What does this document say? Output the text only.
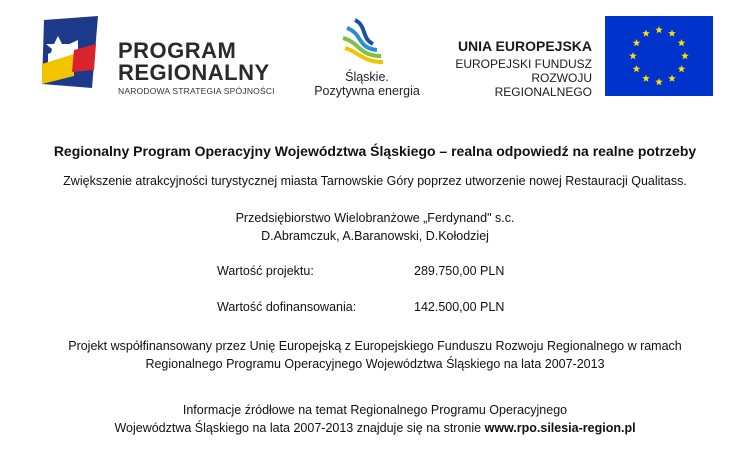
PROGRAM
REGIONALNY
NARODOWA STRATEGIA SPÓJNOŚCI
Śląskie.
Pozytywna energia
UNIA EUROPEJSKA
EUROPEJSKI FUNDUSZ
ROZWOJU REGIONALNEGO
Regionalny Program Operacyjny Województwa Śląskiego – realna odpowiedź na realne potrzeby
Zwiększenie atrakcyjności turystycznej miasta Tarnowskie Góry poprzez utworzenie nowej Restauracji Qualitass.
Przedsiębiorstwo Wielobranżowe „Ferdynand" s.c.
D.Abramczuk, A.Baranowski, D.Kołodziej
Wartość projektu:	289.750,00 PLN
Wartość dofinansowania:	142.500,00 PLN
Projekt współfinansowany przez Unię Europejską z Europejskiego Funduszu Rozwoju Regionalnego w ramach
Regionalnego Programu Operacyjnego Województwa Śląskiego na lata 2007-2013
Informacje źródłowe na temat Regionalnego Programu Operacyjnego
Województwa Śląskiego na lata 2007-2013 znajduje się na stronie www.rpo.silesia-region.pl
